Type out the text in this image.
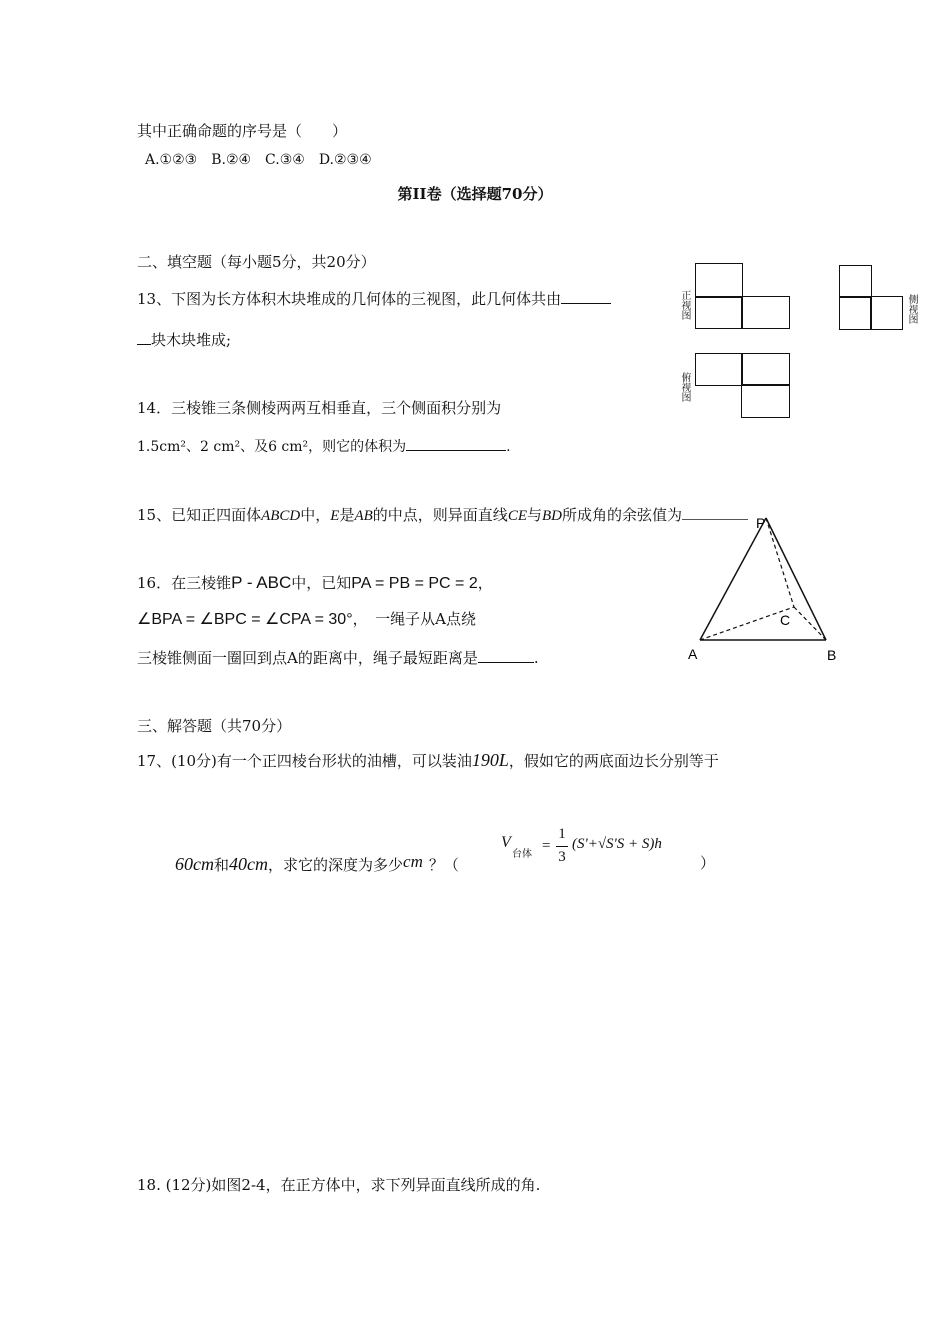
其中正确命题的序号是（　　）
A.①②③　B.②④　C.③④　D.②③④
第II卷（选择题70分）
二、填空题（每小题5分，共20分）
13、下图为长方体积木块堆成的几何体的三视图，此几何体共由
块木块堆成;
正视图	侧视图
俯视图
14．三棱锥三条侧棱两两互相垂直，三个侧面积分别为
1.5cm²、2 cm²、及6 cm²，则它的体积为	.
15、已知正四面体ABCD中，E是AB的中点，则异面直线CE与BD所成角的余弦值为
16．在三棱锥P - ABC中，已知PA = PB = PC = 2，
∠BPA = ∠BPC = ∠CPA = 30°，　一绳子从A点绕
三棱锥侧面一圈回到点A的距离中，绳子最短距离是	.
P
A	B
C
三、解答题（共70分）
17、(10分)有一个正四棱台形状的油槽，可以装油190L，假如它的两底面边长分别等于
60cm和40cm，求它的深度为多少cm ？（
V
台体
=
1
3
(S'+√S'S + S)h
）
18. (12分)如图2-4，在正方体中，求下列异面直线所成的角.
